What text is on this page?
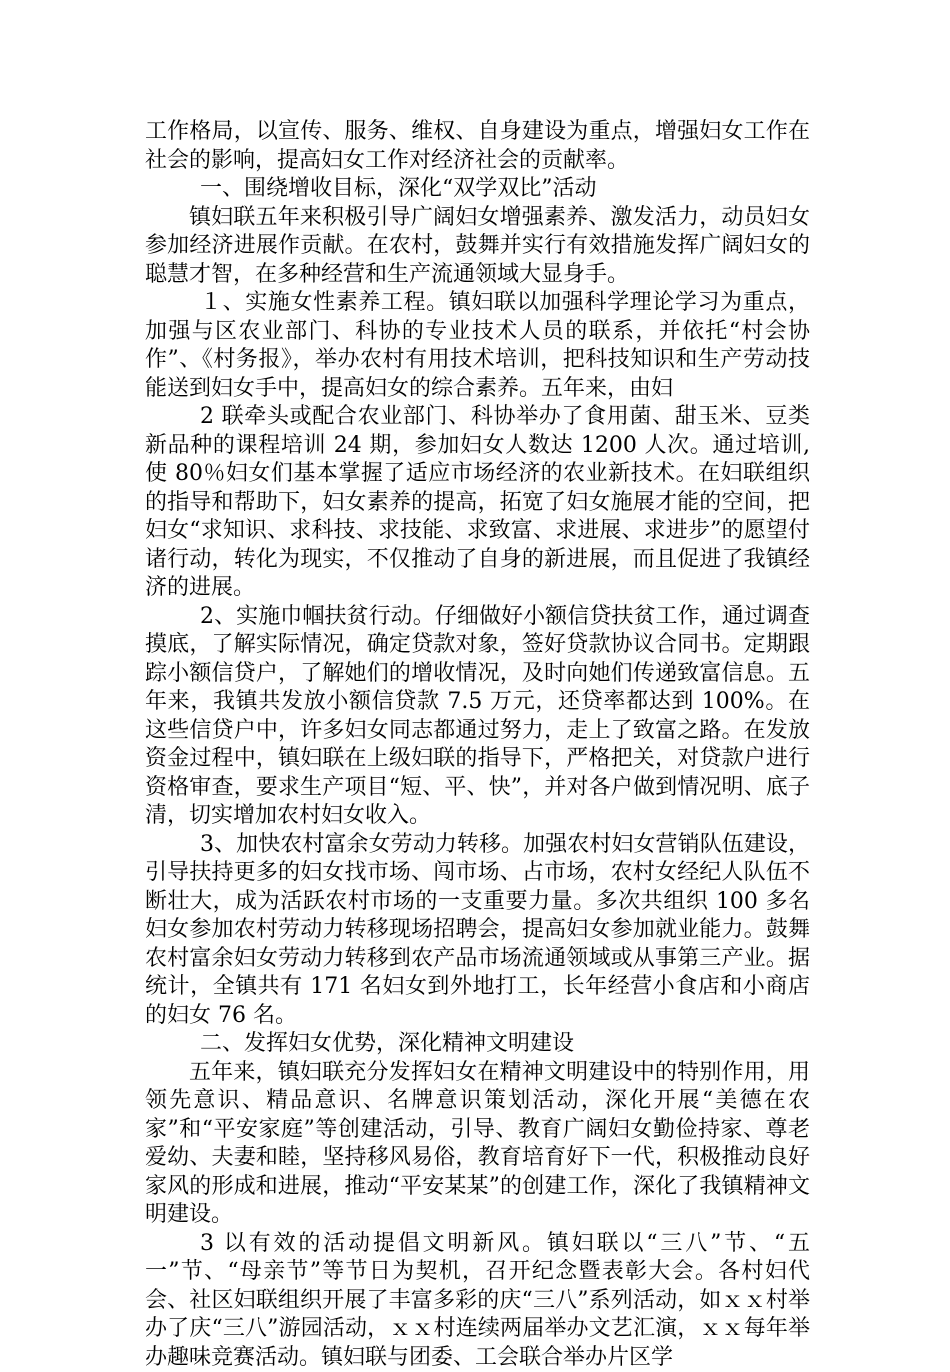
工作格局，以宣传、服务、维权、自身建设为重点，增强妇女工作在社会的影响，提高妇女工作对经济社会的贡献率。

一、围绕增收目标，深化“双学双比”活动

镇妇联五年来积极引导广阔妇女增强素养、激发活力，动员妇女参加经济进展作贡献。在农村，鼓舞并实行有效措施发挥广阔妇女的聪慧才智，在多种经营和生产流通领域大显身手。

１、实施女性素养工程。镇妇联以加强科学理论学习为重点，加强与区农业部门、科协的专业技术人员的联系，并依托“村会协作”、《村务报》，举办农村有用技术培训，把科技知识和生产劳动技能送到妇女手中，提高妇女的综合素养。五年来，由妇

2 联牵头或配合农业部门、科协举办了食用菌、甜玉米、豆类新品种的课程培训 24 期，参加妇女人数达 1200 人次。通过培训,使 80％妇女们基本掌握了适应市场经济的农业新技术。在妇联组织的指导和帮助下，妇女素养的提高，拓宽了妇女施展才能的空间，把妇女“求知识、求科技、求技能、求致富、求进展、求进步”的愿望付诸行动，转化为现实，不仅推动了自身的新进展，而且促进了我镇经济的进展。

2、实施巾帼扶贫行动。仔细做好小额信贷扶贫工作，通过调查摸底，了解实际情况，确定贷款对象，签好贷款协议合同书。定期跟踪小额信贷户，了解她们的增收情况，及时向她们传递致富信息。五年来，我镇共发放小额信贷款 7.5 万元，还贷率都达到 100%。在这些信贷户中，许多妇女同志都通过努力，走上了致富之路。在发放资金过程中，镇妇联在上级妇联的指导下，严格把关，对贷款户进行资格审查，要求生产项目“短、平、快”，并对各户做到情况明、底子清，切实增加农村妇女收入。

3、加快农村富余女劳动力转移。加强农村妇女营销队伍建设，引导扶持更多的妇女找市场、闯市场、占市场，农村女经纪人队伍不断壮大，成为活跃农村市场的一支重要力量。多次共组织 100 多名妇女参加农村劳动力转移现场招聘会，提高妇女参加就业能力。鼓舞农村富余妇女劳动力转移到农产品市场流通领域或从事第三产业。据统计，全镇共有 171 名妇女到外地打工，长年经营小食店和小商店的妇女 76 名。

二、发挥妇女优势，深化精神文明建设

五年来，镇妇联充分发挥妇女在精神文明建设中的特别作用，用领先意识、精品意识、名牌意识策划活动，深化开展“美德在农家”和“平安家庭”等创建活动，引导、教育广阔妇女勤俭持家、尊老爱幼、夫妻和睦，坚持移风易俗，教育培育好下一代，积极推动良好家风的形成和进展，推动“平安某某”的创建工作，深化了我镇精神文明建设。

3 以有效的活动提倡文明新风。镇妇联以“三八”节、“五一”节、“母亲节”等节日为契机，召开纪念暨表彰大会。各村妇代会、社区妇联组织开展了丰富多彩的庆“三八”系列活动，如ｘｘ村举办了庆“三八”游园活动，ｘｘ村连续两届举办文艺汇演，ｘｘ每年举办趣味竞赛活动。镇妇联与团委、工会联合举办片区学
